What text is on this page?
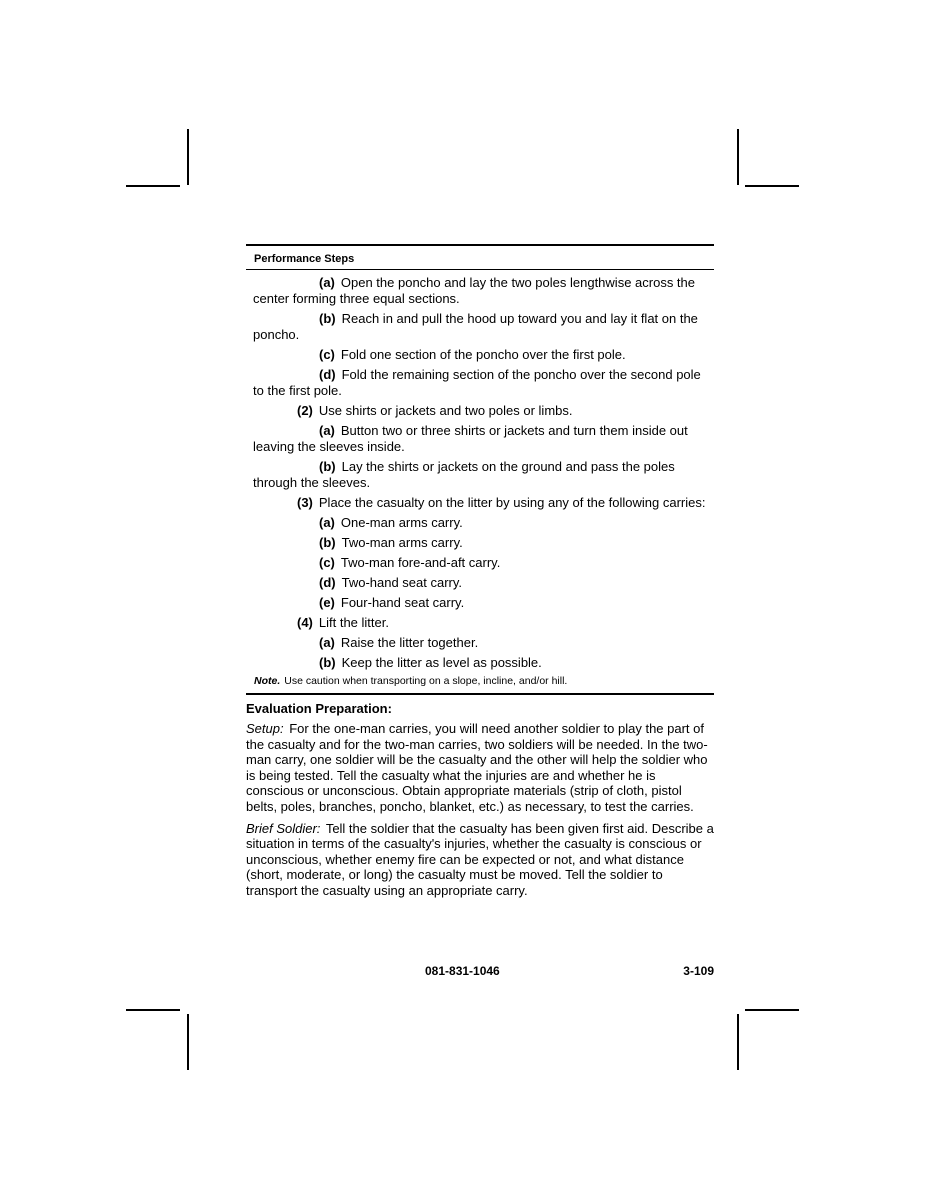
Performance Steps

(a) Open the poncho and lay the two poles lengthwise across the center forming three equal sections.

(b) Reach in and pull the hood up toward you and lay it flat on the poncho.

(c) Fold one section of the poncho over the first pole.

(d) Fold the remaining section of the poncho over the second pole to the first pole.

(2) Use shirts or jackets and two poles or limbs.

(a) Button two or three shirts or jackets and turn them inside out leaving the sleeves inside.

(b) Lay the shirts or jackets on the ground and pass the poles through the sleeves.

(3) Place the casualty on the litter by using any of the following carries:

(a) One-man arms carry.

(b) Two-man arms carry.

(c) Two-man fore-and-aft carry.

(d) Two-hand seat carry.

(e) Four-hand seat carry.

(4) Lift the litter.

(a) Raise the litter together.

(b) Keep the litter as level as possible.

Note. Use caution when transporting on a slope, incline, and/or hill.
Evaluation Preparation:

Setup: For the one-man carries, you will need another soldier to play the part of the casualty and for the two-man carries, two soldiers will be needed. In the two-man carry, one soldier will be the casualty and the other will help the soldier who is being tested. Tell the casualty what the injuries are and whether he is conscious or unconscious. Obtain appropriate materials (strip of cloth, pistol belts, poles, branches, poncho, blanket, etc.) as necessary, to test the carries.

Brief Soldier: Tell the soldier that the casualty has been given first aid. Describe a situation in terms of the casualty's injuries, whether the casualty is conscious or unconscious, whether enemy fire can be expected or not, and what distance (short, moderate, or long) the casualty must be moved. Tell the soldier to transport the casualty using an appropriate carry.

081-831-1046	3-109
